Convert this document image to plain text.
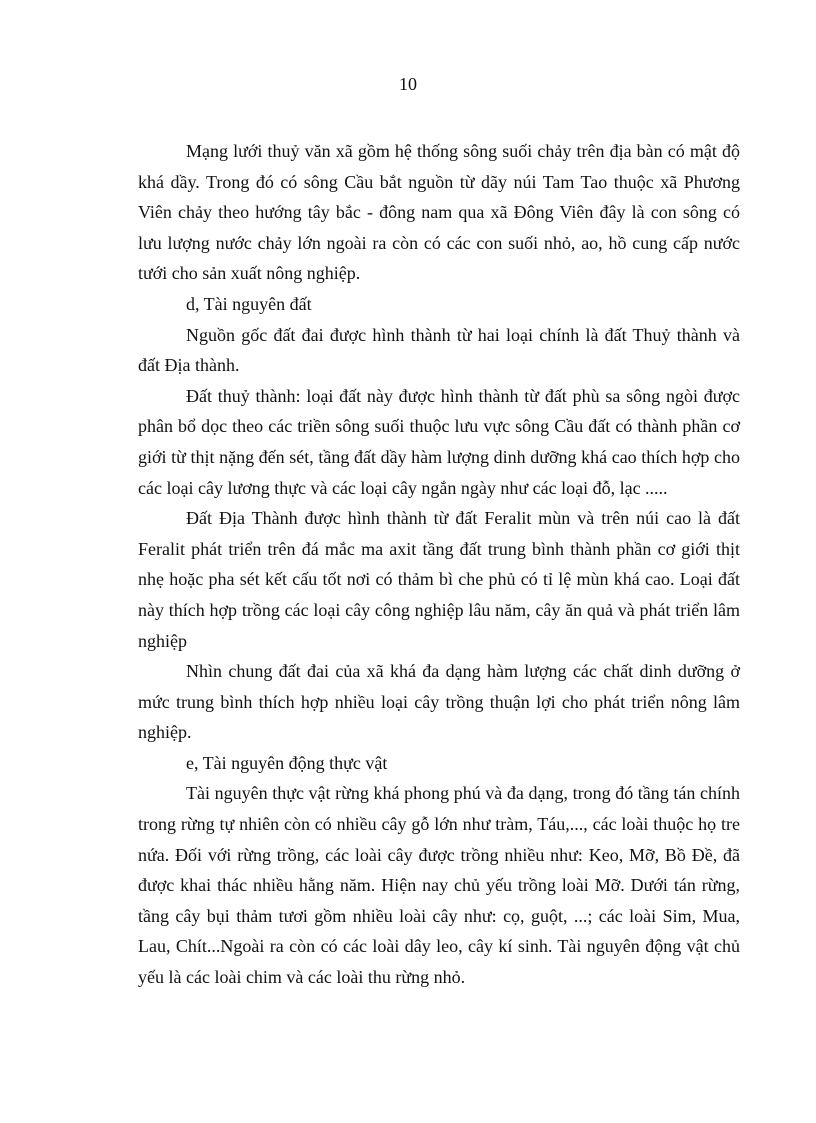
10

Mạng lưới thuỷ văn xã gồm hệ thống sông suối chảy trên địa bàn có mật độ khá dầy. Trong đó có sông Cầu bắt nguồn từ dãy núi Tam Tao thuộc xã Phương Viên chảy theo hướng tây bắc - đông nam qua xã Đông Viên đây là con sông có lưu lượng nước chảy lớn ngoài ra còn có các con suối nhỏ, ao, hồ cung cấp nước tưới cho sản xuất nông nghiệp.

d, Tài nguyên đất

Nguồn gốc đất đai được hình thành từ hai loại chính là đất Thuỷ thành và đất Địa thành.

Đất thuỷ thành: loại đất này được hình thành từ đất phù sa sông ngòi được phân bổ dọc theo các triền sông suối thuộc lưu vực sông Cầu đất có thành phần cơ giới từ thịt nặng đến sét, tầng đất dầy hàm lượng dinh dưỡng khá cao thích hợp cho các loại cây lương thực và các loại cây ngắn ngày như các loại đỗ, lạc .....

Đất Địa Thành được hình thành từ đất Feralit mùn và trên núi cao là đất Feralit phát triển trên đá mắc ma axit tầng đất trung bình thành phần cơ giới thịt nhẹ hoặc pha sét kết cấu tốt nơi có thảm bì che phủ có tỉ lệ mùn khá cao. Loại đất này thích hợp trồng các loại cây công nghiệp lâu năm, cây ăn quả và phát triển lâm nghiệp

Nhìn chung đất đai của xã khá đa dạng hàm lượng các chất dinh dưỡng ở mức trung bình thích hợp nhiều loại cây trồng thuận lợi cho phát triển nông lâm nghiệp.

e, Tài nguyên động thực vật

Tài nguyên thực vật rừng khá phong phú và đa dạng, trong đó tầng tán chính trong rừng tự nhiên còn có nhiều cây gỗ lớn như tràm, Táu,..., các loài thuộc họ tre nứa. Đối với rừng trồng, các loài cây được trồng nhiều như: Keo, Mỡ, Bồ Đề, đã được khai thác nhiều hằng năm. Hiện nay chủ yếu trồng loài Mỡ. Dưới tán rừng, tầng cây bụi thảm tươi gồm nhiều loài cây như: cọ, guột, ...; các loài Sim, Mua, Lau, Chít...Ngoài ra còn có các loài dây leo, cây kí sinh. Tài nguyên động vật chủ yếu là các loài chim và các loài thu rừng nhỏ.
